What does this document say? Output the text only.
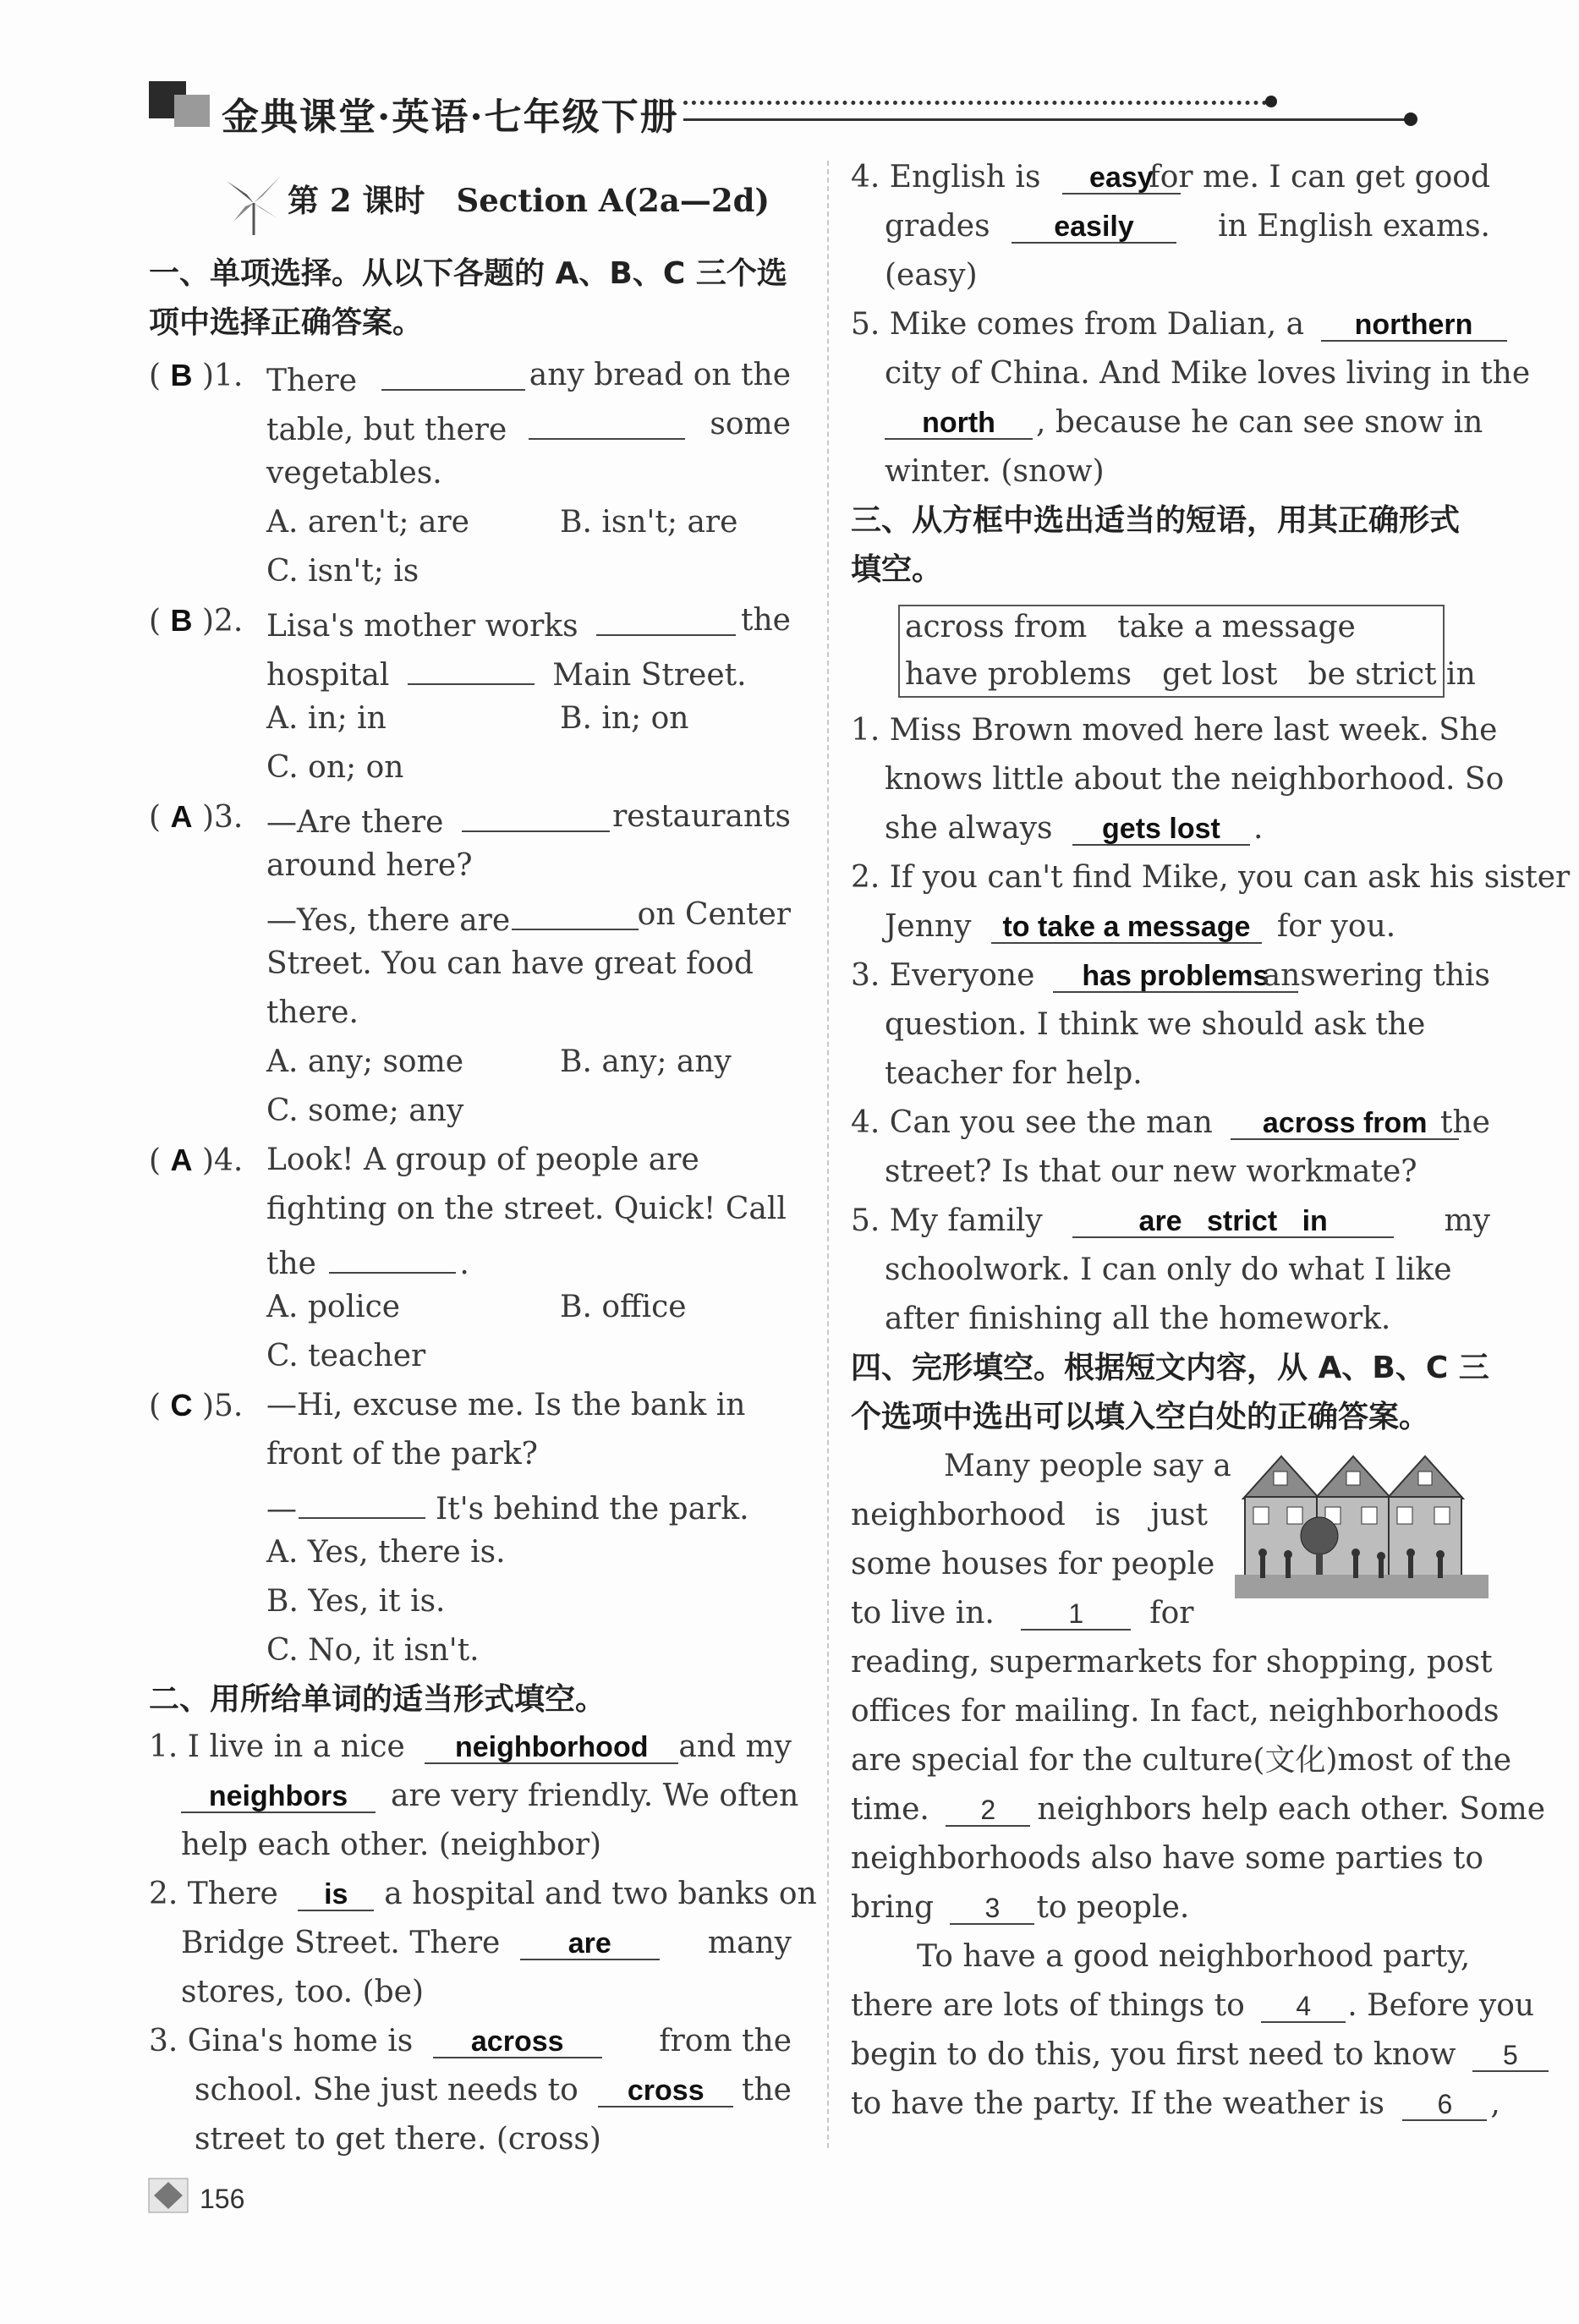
金典课堂·英语·七年级下册
第 2 课时　Section A(2a—2d)
一、单项选择。从以下各题的 A、B、C 三个选
项中选择正确答案。
( B )1. There	any bread on the
table, but there	some
vegetables.
A. aren't; are	B. isn't; are
C. isn't; is
( B )2. Lisa's mother works	the
hospital	Main Street.
A. in; in	B. in; on
C. on; on
( A )3. —Are there	restaurants
around here?
—Yes, there are	on Center
Street. You can have great food
there.
A. any; some	B. any; any
C. some; any
( A )4. Look! A group of people are
fighting on the street. Quick! Call
the	.
A. police	B. office
C. teacher
( C )5. —Hi, excuse me. Is the bank in
front of the park?
—	It's behind the park.
A. Yes, there is.
B. Yes, it is.
C. No, it isn't.
二、用所给单词的适当形式填空。
1. I live in a nice neighborhood and my
neighbors are very friendly. We often
help each other. (neighbor)
2. There is a hospital and two banks on
Bridge Street. There are	many
stores, too. (be)
3. Gina's home is across	from the
school. She just needs to cross the
street to get there. (cross)
4. English is easy
for me. I can get good
grades easily	in English exams.
(easy)
5. Mike comes from Dalian, a northern
city of China. And Mike loves living in the
north , because he can see snow in
winter. (snow)
三、从方框中选出适当的短语，用其正确形式
填空。
across from　take a message
have problems　get lost　be strict in
1. Miss Brown moved here last week. She
knows little about the neighborhood. So
she always gets lost .
2. If you can't find Mike, you can ask his sister
Jenny to take a message for you.
3. Everyone has problems
answering this
question. I think we should ask the
teacher for help.
4. Can you see the man across from the
street? Is that our new workmate?
5. My family	are strict in	my
schoolwork. I can only do what I like
after finishing all the homework.
四、完形填空。根据短文内容，从 A、B、C 三
个选项中选出可以填入空白处的正确答案。
Many people say a
neighborhood is just
some houses for people
to live in.	1 for
reading, supermarkets for shopping, post
offices for mailing. In fact, neighborhoods
are special for the culture(文化)most of the
time. 2 neighbors help each other. Some
neighborhoods also have some parties to
bring 3 to people.
To have a good neighborhood party,
there are lots of things to 4 . Before you
begin to do this, you first need to know 5
to have the party. If the weather is 6 ,
156
